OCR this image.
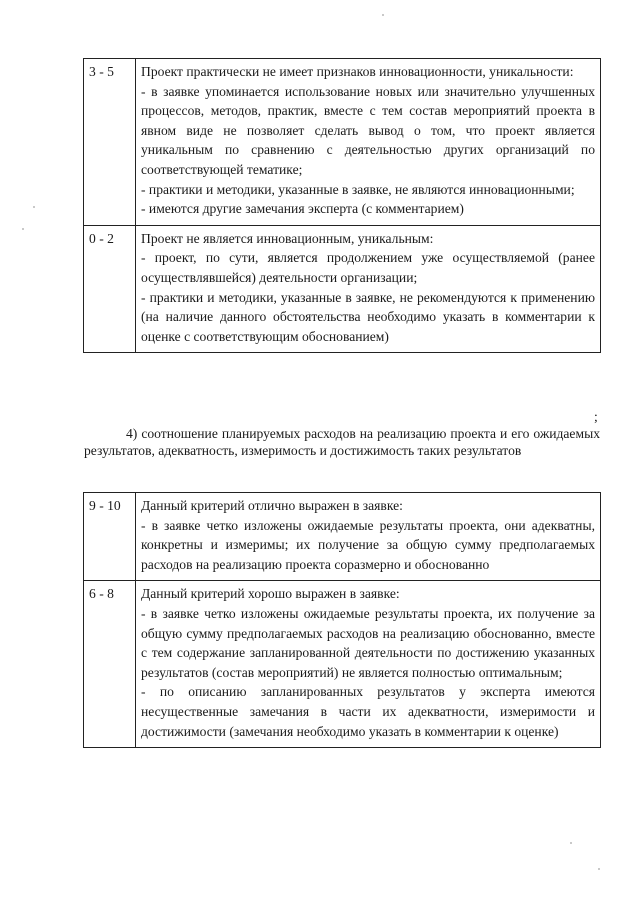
3 - 5	Проект практически не имеет признаков инновационности, уникальности:
- в заявке упоминается использование новых или значительно улучшенных процессов, методов, практик, вместе с тем состав мероприятий проекта в явном виде не позволяет сделать вывод о том, что проект является уникальным по сравнению с деятельностью других организаций по соответствующей тематике;
- практики и методики, указанные в заявке, не являются инновационными;
- имеются другие замечания эксперта (с комментарием)

0 - 2	Проект не является инновационным, уникальным:
- проект, по сути, является продолжением уже осуществляемой (ранее осуществлявшейся) деятельности организации;
- практики и методики, указанные в заявке, не рекомендуются к применению (на наличие данного обстоятельства необходимо указать в комментарии к оценке с соответствующим обоснованием)
;
4) соотношение планируемых расходов на реализацию проекта и его ожидаемых результатов, адекватность, измеримость и достижимость таких результатов
9 - 10	Данный критерий отлично выражен в заявке:
- в заявке четко изложены ожидаемые результаты проекта, они адекватны, конкретны и измеримы; их получение за общую сумму предполагаемых расходов на реализацию проекта соразмерно и обоснованно

6 - 8	Данный критерий хорошо выражен в заявке:
- в заявке четко изложены ожидаемые результаты проекта, их получение за общую сумму предполагаемых расходов на реализацию обоснованно, вместе с тем содержание запланированной деятельности по достижению указанных результатов (состав мероприятий) не является полностью оптимальным;
- по описанию запланированных результатов у эксперта имеются несущественные замечания в части их адекватности, измеримости и достижимости (замечания необходимо указать в комментарии к оценке)
